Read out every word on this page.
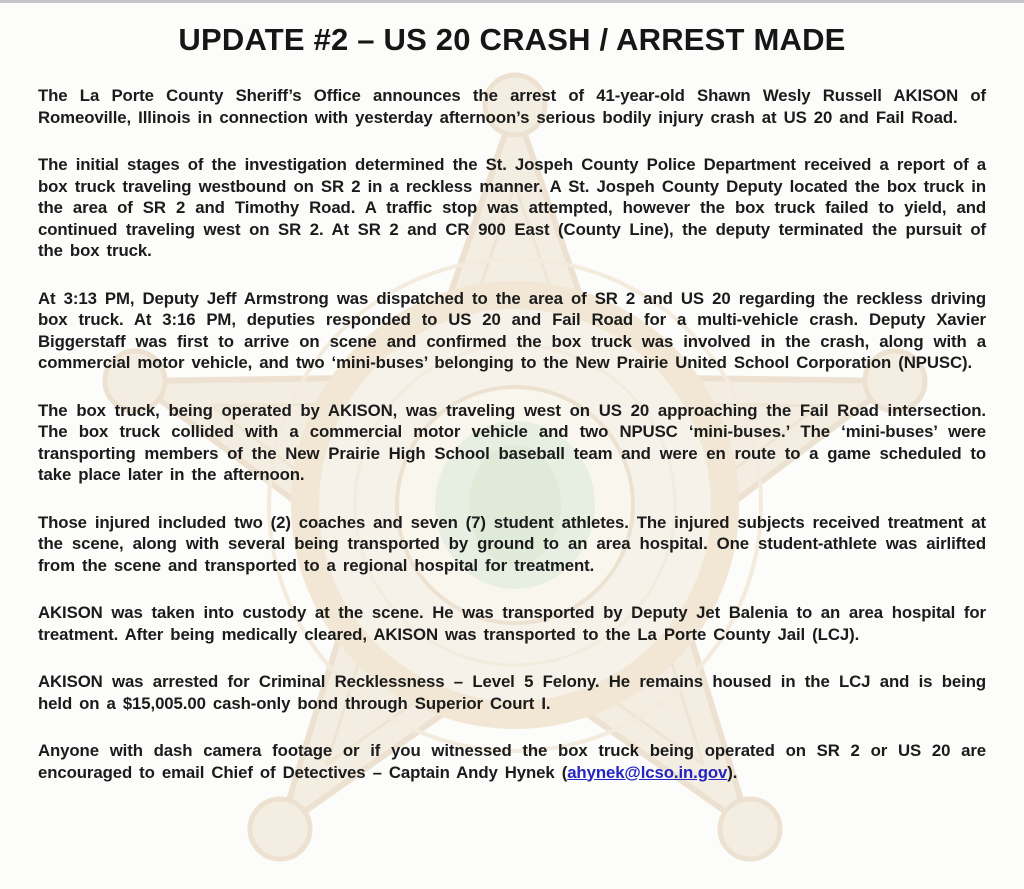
UPDATE #2 – US 20 CRASH / ARREST MADE

The La Porte County Sheriff’s Office announces the arrest of 41-year-old Shawn Wesly Russell AKISON of Romeoville, Illinois in connection with yesterday afternoon’s serious bodily injury crash at US 20 and Fail Road.

The initial stages of the investigation determined the St. Jospeh County Police Department received a report of a box truck traveling westbound on SR 2 in a reckless manner. A St. Jospeh County Deputy located the box truck in the area of SR 2 and Timothy Road. A traffic stop was attempted, however the box truck failed to yield, and continued traveling west on SR 2. At SR 2 and CR 900 East (County Line), the deputy terminated the pursuit of the box truck.

At 3:13 PM, Deputy Jeff Armstrong was dispatched to the area of SR 2 and US 20 regarding the reckless driving box truck. At 3:16 PM, deputies responded to US 20 and Fail Road for a multi-vehicle crash. Deputy Xavier Biggerstaff was first to arrive on scene and confirmed the box truck was involved in the crash, along with a commercial motor vehicle, and two ‘mini-buses’ belonging to the New Prairie United School Corporation (NPUSC).

The box truck, being operated by AKISON, was traveling west on US 20 approaching the Fail Road intersection. The box truck collided with a commercial motor vehicle and two NPUSC ‘mini-buses.’ The ‘mini-buses’ were transporting members of the New Prairie High School baseball team and were en route to a game scheduled to take place later in the afternoon.

Those injured included two (2) coaches and seven (7) student athletes. The injured subjects received treatment at the scene, along with several being transported by ground to an area hospital. One student-athlete was airlifted from the scene and transported to a regional hospital for treatment.

AKISON was taken into custody at the scene. He was transported by Deputy Jet Balenia to an area hospital for treatment. After being medically cleared, AKISON was transported to the La Porte County Jail (LCJ).

AKISON was arrested for Criminal Recklessness – Level 5 Felony. He remains housed in the LCJ and is being held on a $15,005.00 cash-only bond through Superior Court I.

Anyone with dash camera footage or if you witnessed the box truck being operated on SR 2 or US 20 are encouraged to email Chief of Detectives – Captain Andy Hynek (ahynek@lcso.in.gov).
